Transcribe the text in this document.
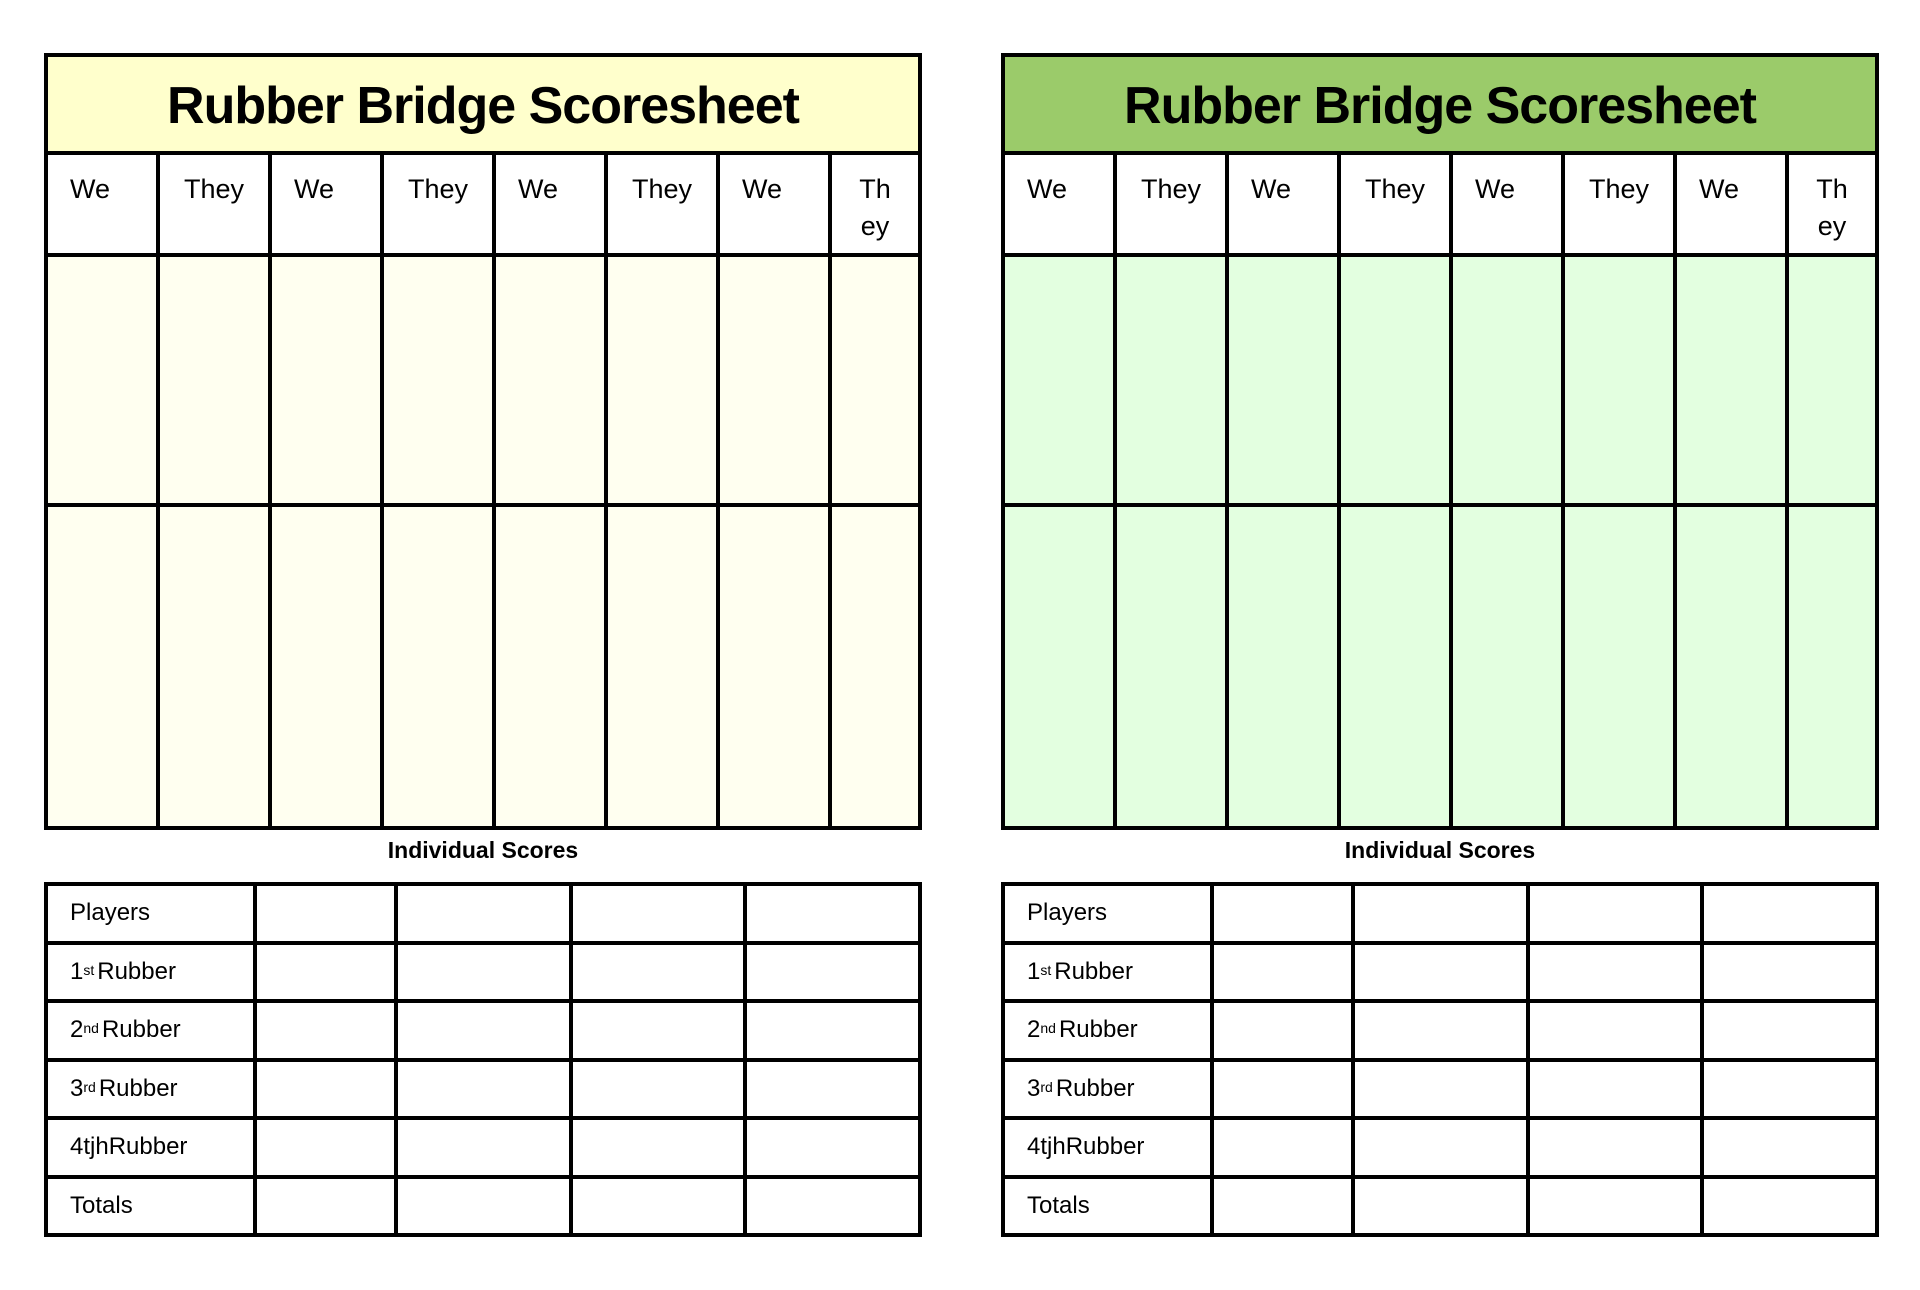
Rubber Bridge Scoresheet
We	They	We	They	We	They	We	Th
ey
Individual Scores
Players
1st Rubber
2nd Rubber
3rd Rubber
4tjhRubber
Totals
Rubber Bridge Scoresheet
We	They	We	They	We	They	We	Th
ey
Individual Scores
Players
1st Rubber
2nd Rubber
3rd Rubber
4tjhRubber
Totals
